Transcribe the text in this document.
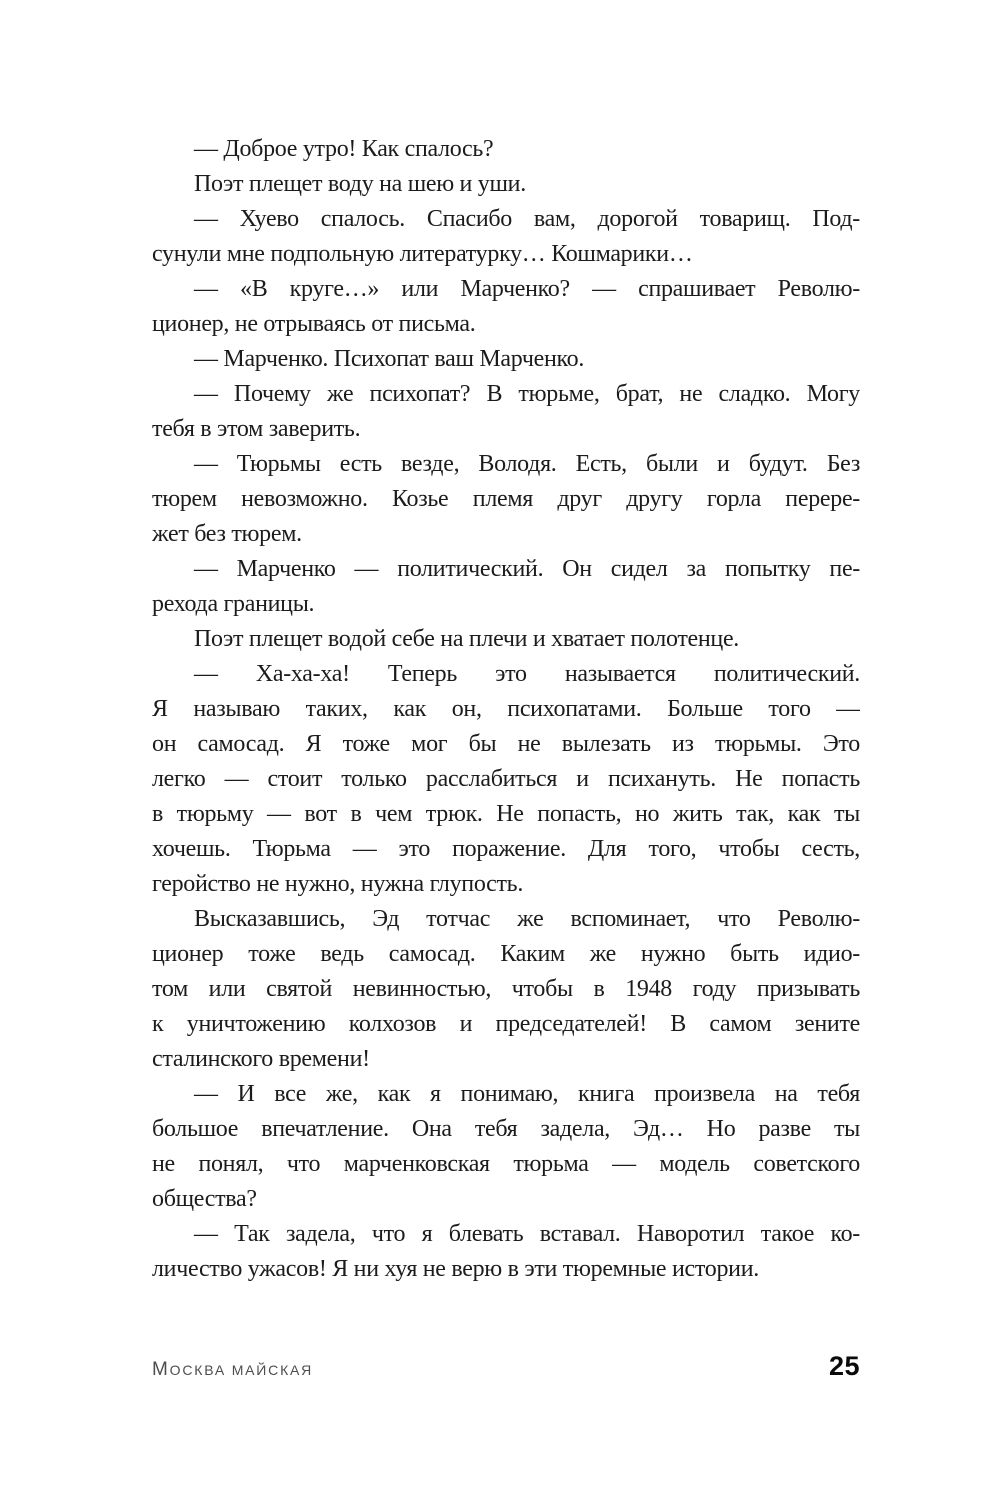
— Доброе утро! Как спалось?
Поэт плещет воду на шею и уши.
— Хуево спалось. Спасибо вам, дорогой товарищ. Под-
сунули мне подпольную литературку… Кошмарики…
— «В круге…» или Марченко? — спрашивает Револю-
ционер, не отрываясь от письма.
— Марченко. Психопат ваш Марченко.
— Почему же психопат? В тюрьме, брат, не сладко. Могу
тебя в этом заверить.
— Тюрьмы есть везде, Володя. Есть, были и будут. Без
тюрем невозможно. Козье племя друг другу горла перере-
жет без тюрем.
— Марченко — политический. Он сидел за попытку пе-
рехода границы.
Поэт плещет водой себе на плечи и хватает полотенце.
— Ха-ха-ха! Теперь это называется политический.
Я называю таких, как он, психопатами. Больше того —
он самосад. Я тоже мог бы не вылезать из тюрьмы. Это
легко — стоит только расслабиться и психануть. Не попасть
в тюрьму — вот в чем трюк. Не попасть, но жить так, как ты
хочешь. Тюрьма — это поражение. Для того, чтобы сесть,
геройство не нужно, нужна глупость.
Высказавшись, Эд тотчас же вспоминает, что Револю-
ционер тоже ведь самосад. Каким же нужно быть идио-
том или святой невинностью, чтобы в 1948 году призывать
к уничтожению колхозов и председателей! В самом зените
сталинского времени!
— И все же, как я понимаю, книга произвела на тебя
большое впечатление. Она тебя задела, Эд… Но разве ты
не понял, что марченковская тюрьма — модель советского
общества?
— Так задела, что я блевать вставал. Наворотил такое ко-
личество ужасов! Я ни хуя не верю в эти тюремные истории.
МОСКВА МАЙСКАЯ	25
